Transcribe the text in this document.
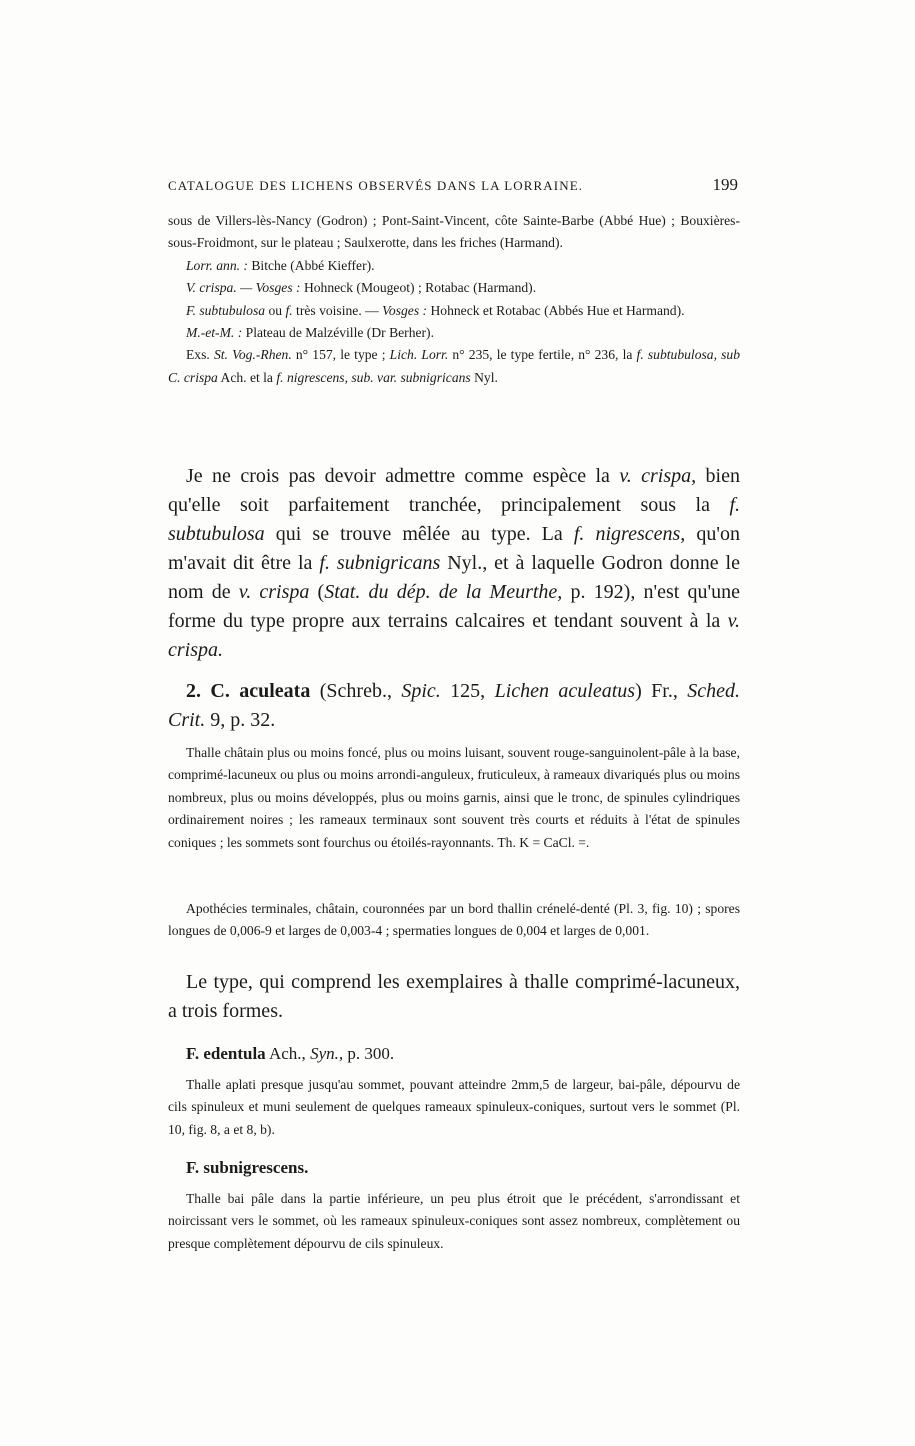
CATALOGUE DES LICHENS OBSERVÉS DANS LA LORRAINE.	199

sous de Villers-lès-Nancy (Godron) ; Pont-Saint-Vincent, côte Sainte-Barbe (Abbé Hue) ; Bouxières-sous-Froidmont, sur le plateau ; Saulxerotte, dans les friches (Harmand).

Lorr. ann. : Bitche (Abbé Kieffer).

V. crispa. — Vosges : Hohneck (Mougeot) ; Rotabac (Harmand).

F. subtubulosa ou f. très voisine. — Vosges : Hohneck et Rotabac (Abbés Hue et Harmand).

M.-et-M. : Plateau de Malzéville (Dr Berher).

Exs. St. Vog.-Rhen. n° 157, le type ; Lich. Lorr. n° 235, le type fertile, n° 236, la f. subtubulosa, sub C. crispa Ach. et la f. nigrescens, sub. var. subnigricans Nyl.

Je ne crois pas devoir admettre comme espèce la v. crispa, bien qu'elle soit parfaitement tranchée, principalement sous la f. subtubulosa qui se trouve mêlée au type. La f. nigrescens, qu'on m'avait dit être la f. subnigricans Nyl., et à laquelle Godron donne le nom de v. crispa (Stat. du dép. de la Meurthe, p. 192), n'est qu'une forme du type propre aux terrains calcaires et tendant souvent à la v. crispa.
2. C. aculeata (Schreb., Spic. 125, Lichen aculeatus) Fr., Sched. Crit. 9, p. 32.
Thalle châtain plus ou moins foncé, plus ou moins luisant, souvent rouge-sanguinolent-pâle à la base, comprimé-lacuneux ou plus ou moins arrondi-anguleux, fruticuleux, à rameaux divariqués plus ou moins nombreux, plus ou moins développés, plus ou moins garnis, ainsi que le tronc, de spinules cylindriques ordinairement noires ; les rameaux terminaux sont souvent très courts et réduits à l'état de spinules coniques ; les sommets sont fourchus ou étoilés-rayonnants. Th. K = CaCl. =.
Apothécies terminales, châtain, couronnées par un bord thallin crénelé-denté (Pl. 3, fig. 10) ; spores longues de 0,006-9 et larges de 0,003-4 ; spermaties longues de 0,004 et larges de 0,001.
Le type, qui comprend les exemplaires à thalle comprimé-lacuneux, a trois formes.
F. edentula Ach., Syn., p. 300.
Thalle aplati presque jusqu'au sommet, pouvant atteindre 2mm,5 de largeur, bai-pâle, dépourvu de cils spinuleux et muni seulement de quelques rameaux spinuleux-coniques, surtout vers le sommet (Pl. 10, fig. 8, a et 8, b).
F. subnigrescens.
Thalle bai pâle dans la partie inférieure, un peu plus étroit que le précédent, s'arrondissant et noircissant vers le sommet, où les rameaux spinuleux-coniques sont assez nombreux, complètement ou presque complètement dépourvu de cils spinuleux.
